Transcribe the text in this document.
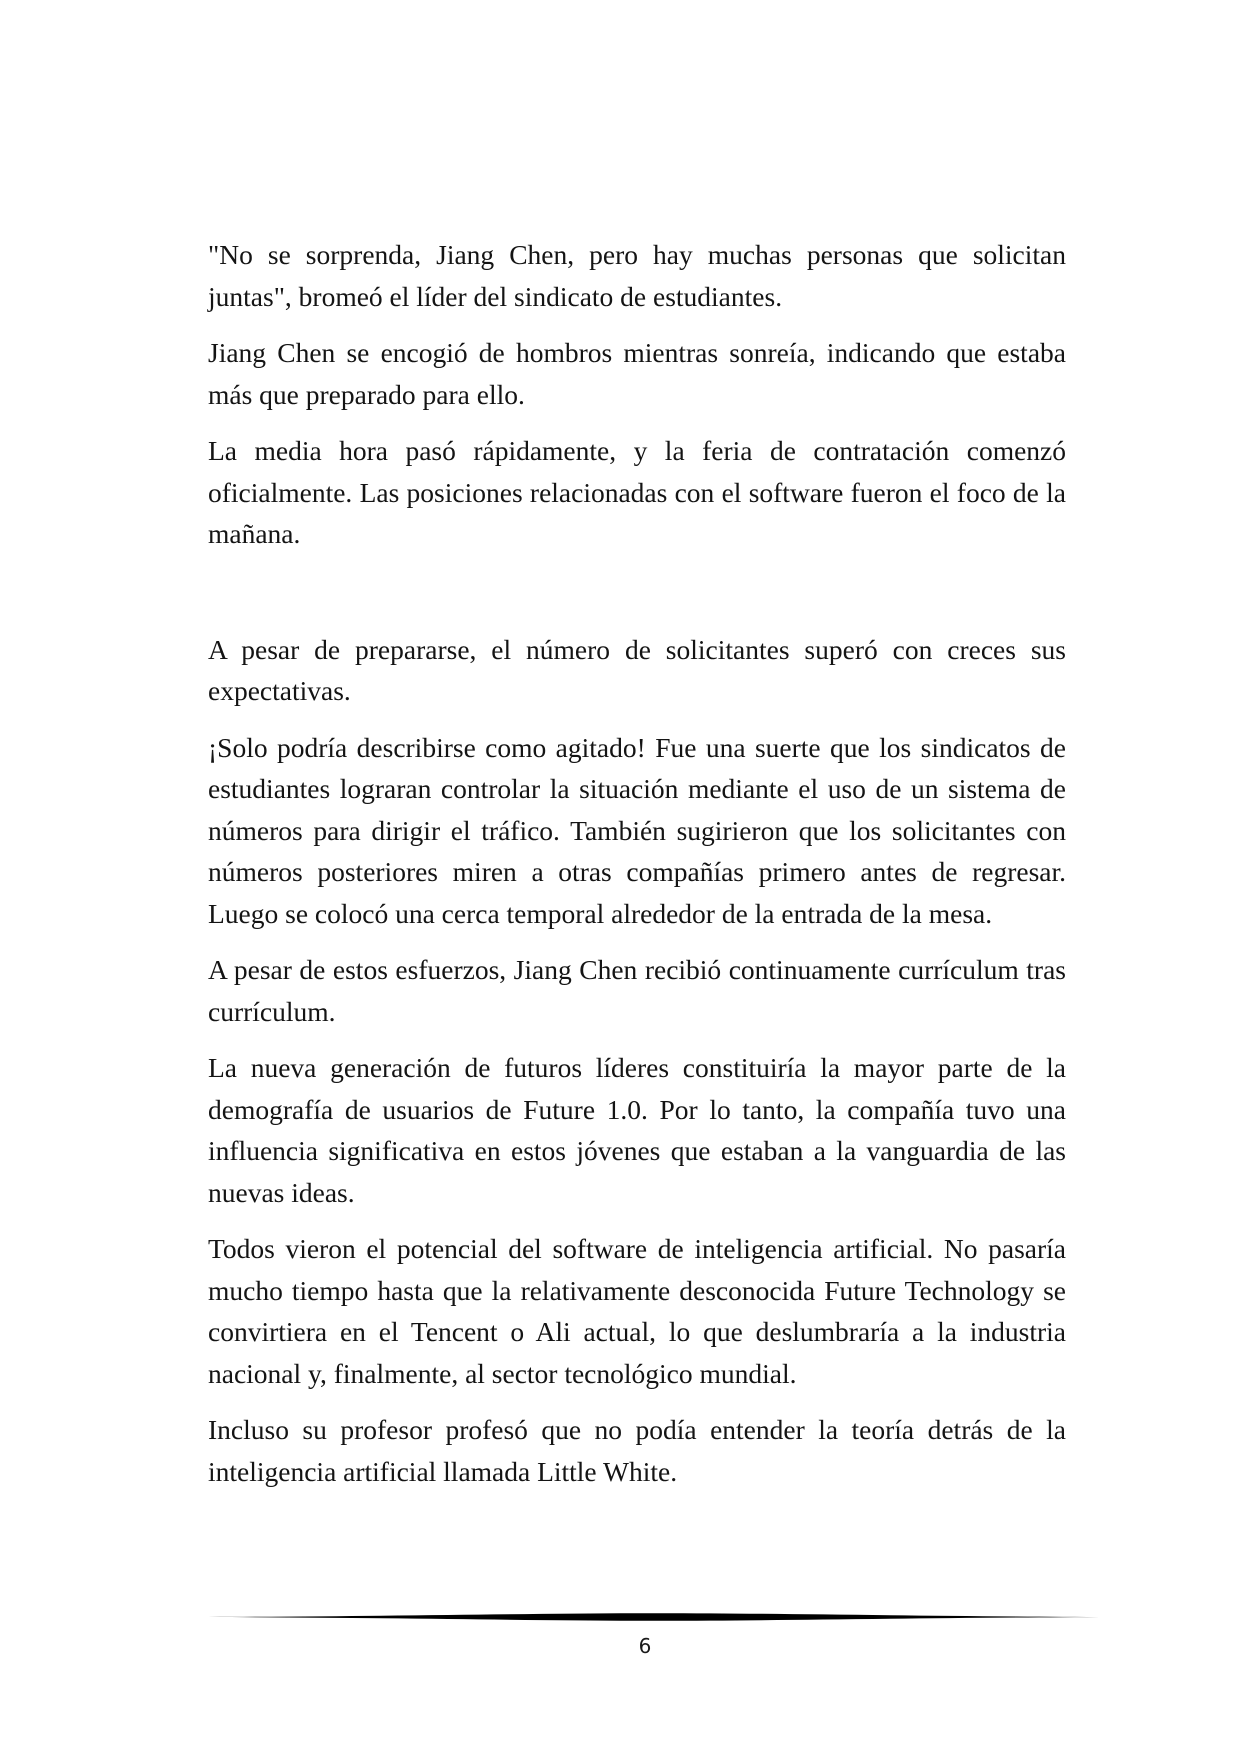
"No se sorprenda, Jiang Chen, pero hay muchas personas que solicitan juntas", bromeó el líder del sindicato de estudiantes.

Jiang Chen se encogió de hombros mientras sonreía, indicando que estaba más que preparado para ello.

La media hora pasó rápidamente, y la feria de contratación comenzó oficialmente. Las posiciones relacionadas con el software fueron el foco de la mañana.

A pesar de prepararse, el número de solicitantes superó con creces sus expectativas.

¡Solo podría describirse como agitado! Fue una suerte que los sindicatos de estudiantes lograran controlar la situación mediante el uso de un sistema de números para dirigir el tráfico. También sugirieron que los solicitantes con números posteriores miren a otras compañías primero antes de regresar. Luego se colocó una cerca temporal alrededor de la entrada de la mesa.

A pesar de estos esfuerzos, Jiang Chen recibió continuamente currículum tras currículum.

La nueva generación de futuros líderes constituiría la mayor parte de la demografía de usuarios de Future 1.0. Por lo tanto, la compañía tuvo una influencia significativa en estos jóvenes que estaban a la vanguardia de las nuevas ideas.

Todos vieron el potencial del software de inteligencia artificial. No pasaría mucho tiempo hasta que la relativamente desconocida Future Technology se convirtiera en el Tencent o Ali actual, lo que deslumbraría a la industria nacional y, finalmente, al sector tecnológico mundial.

Incluso su profesor profesó que no podía entender la teoría detrás de la inteligencia artificial llamada Little White.

6
